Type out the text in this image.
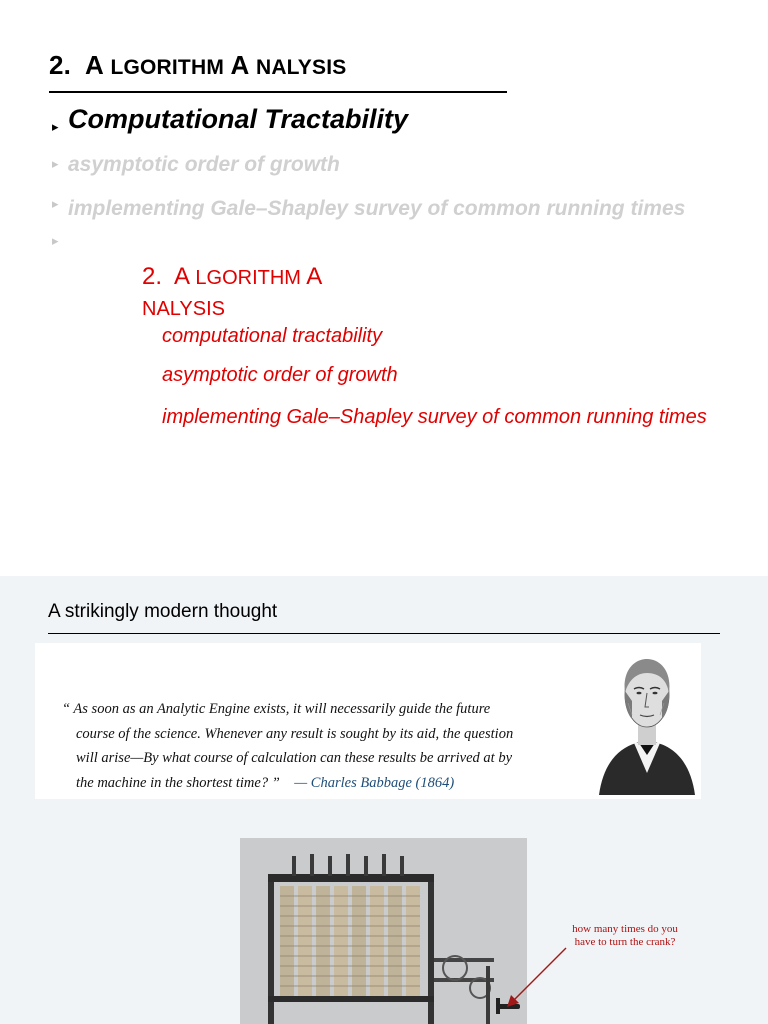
2. A LGORITHM A NALYSIS
▸ Computational Tractability
▸ asymptotic order of growth
▸ implementing Gale–Shapley survey of common running times
▸
2. A LGORITHM A
NALYSIS
computational tractability
asymptotic order of growth
implementing Gale–Shapley survey of common running times
A strikingly modern thought
“ As soon as an Analytic Engine exists, it will necessarily guide the future
course of the science. Whenever any result is sought by its aid, the question
will arise—By what course of calculation can these results be arrived at by
the machine in the shortest time? ” — Charles Babbage (1864)
how many times do you
have to turn the crank?
